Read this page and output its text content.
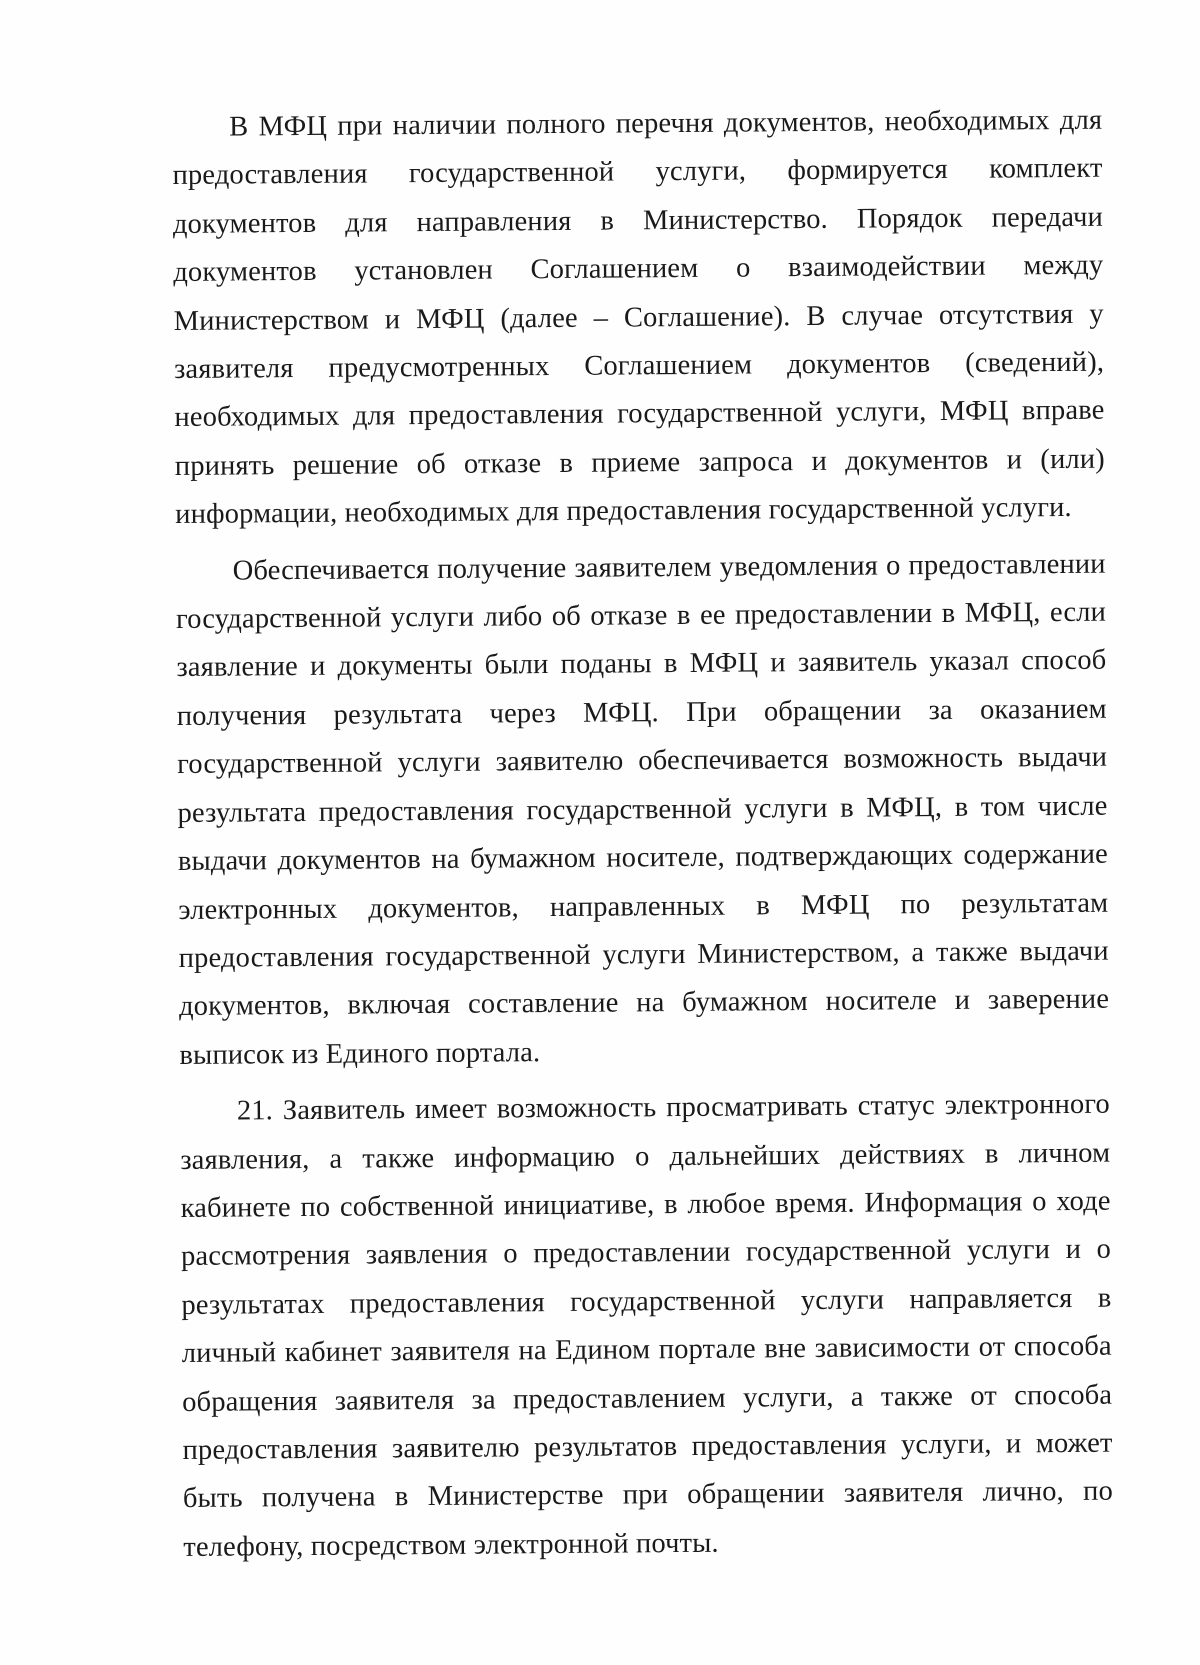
В МФЦ при наличии полного перечня документов, необходимых для предоставления государственной услуги, формируется комплект документов для направления в Министерство. Порядок передачи документов установлен Соглашением о взаимодействии между Министерством и МФЦ (далее – Соглашение). В случае отсутствия у заявителя предусмотренных Соглашением документов (сведений), необходимых для предоставления государственной услуги, МФЦ вправе принять решение об отказе в приеме запроса и документов и (или) информации, необходимых для предоставления государственной услуги.

Обеспечивается получение заявителем уведомления о предоставлении государственной услуги либо об отказе в ее предоставлении в МФЦ, если заявление и документы были поданы в МФЦ и заявитель указал способ получения результата через МФЦ. При обращении за оказанием государственной услуги заявителю обеспечивается возможность выдачи результата предоставления государственной услуги в МФЦ, в том числе выдачи документов на бумажном носителе, подтверждающих содержание электронных документов, направленных в МФЦ по результатам предоставления государственной услуги Министерством, а также выдачи документов, включая составление на бумажном носителе и заверение выписок из Единого портала.

21. Заявитель имеет возможность просматривать статус электронного заявления, а также информацию о дальнейших действиях в личном кабинете по собственной инициативе, в любое время. Информация о ходе рассмотрения заявления о предоставлении государственной услуги и о результатах предоставления государственной услуги направляется в личный кабинет заявителя на Едином портале вне зависимости от способа обращения заявителя за предоставлением услуги, а также от способа предоставления заявителю результатов предоставления услуги, и может быть получена в Министерстве при обращении заявителя лично, по телефону, посредством электронной почты.
